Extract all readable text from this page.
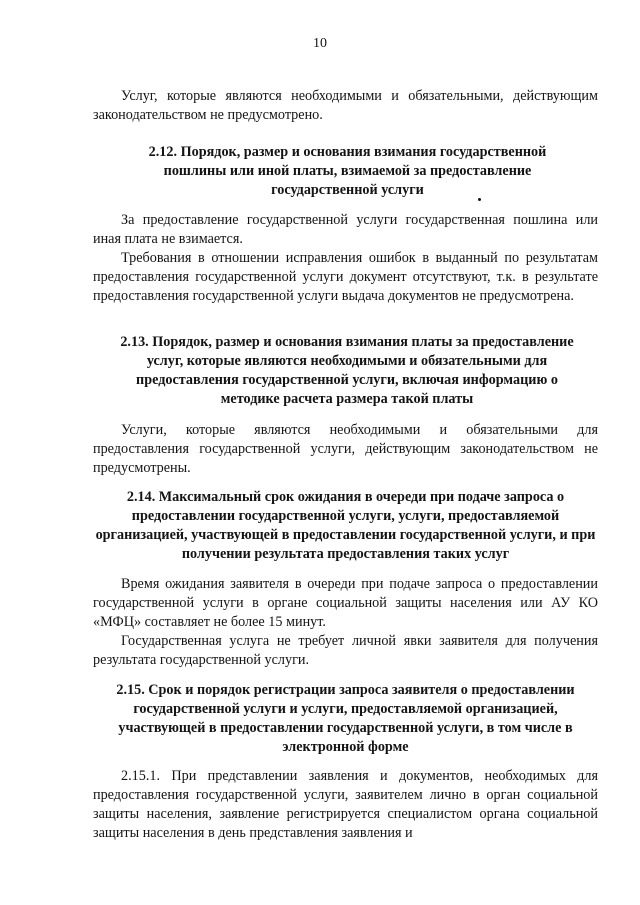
10

Услуг, которые являются необходимыми и обязательными, действующим законодательством не предусмотрено.

2.12. Порядок, размер и основания взимания государственной пошлины или иной платы, взимаемой за предоставление государственной услуги

За предоставление государственной услуги государственная пошлина или иная плата не взимается.

Требования в отношении исправления ошибок в выданный по результатам предоставления государственной услуги документ отсутствуют, т.к. в результате предоставления государственной услуги выдача документов не предусмотрена.

2.13. Порядок, размер и основания взимания платы за предоставление услуг, которые являются необходимыми и обязательными для предоставления государственной услуги, включая информацию о методике расчета размера такой платы

Услуги, которые являются необходимыми и обязательными для предоставления государственной услуги, действующим законодательством не предусмотрены.

2.14. Максимальный срок ожидания в очереди при подаче запроса о предоставлении государственной услуги, услуги, предоставляемой организацией, участвующей в предоставлении государственной услуги, и при получении результата предоставления таких услуг

Время ожидания заявителя в очереди при подаче запроса о предоставлении государственной услуги в органе социальной защиты населения или АУ КО «МФЦ» составляет не более 15 минут.

Государственная услуга не требует личной явки заявителя для получения результата государственной услуги.

2.15. Срок и порядок регистрации запроса заявителя о предоставлении государственной услуги и услуги, предоставляемой организацией, участвующей в предоставлении государственной услуги, в том числе в электронной форме

2.15.1. При представлении заявления и документов, необходимых для предоставления государственной услуги, заявителем лично в орган социальной защиты населения, заявление регистрируется специалистом органа социальной защиты населения в день представления заявления и
